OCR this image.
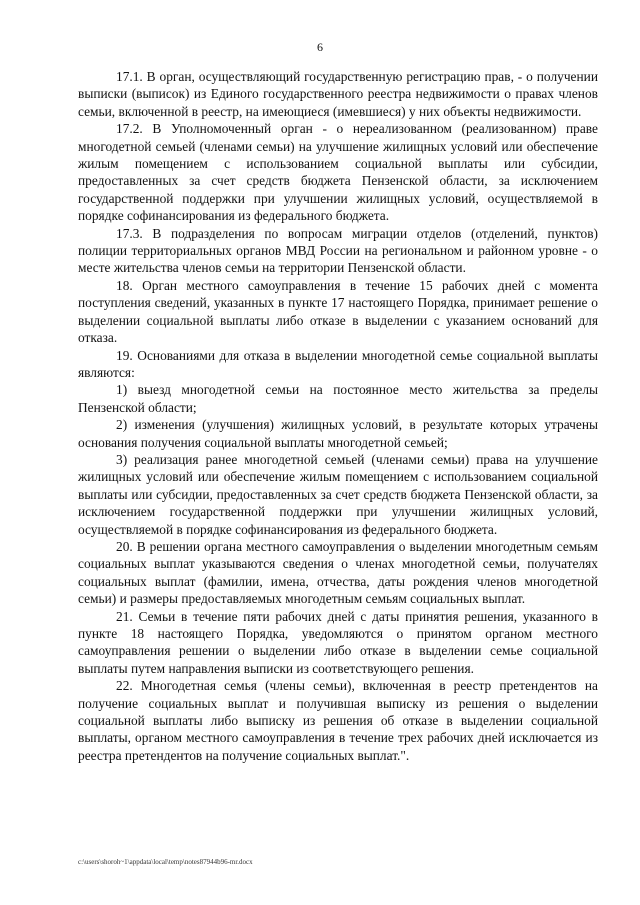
6

17.1. В орган, осуществляющий государственную регистрацию прав, - о получении выписки (выписок) из Единого государственного реестра недвижимости о правах членов семьи, включенной в реестр, на имеющиеся (имевшиеся) у них объекты недвижимости.

17.2. В Уполномоченный орган - о нереализованном (реализованном) праве многодетной семьей (членами семьи) на улучшение жилищных условий или обеспечение жилым помещением с использованием социальной выплаты или субсидии, предоставленных за счет средств бюджета Пензенской области, за исключением государственной поддержки при улучшении жилищных условий, осуществляемой в порядке софинансирования из федерального бюджета.

17.3. В подразделения по вопросам миграции отделов (отделений, пунктов) полиции территориальных органов МВД России на региональном и районном уровне - о месте жительства членов семьи на территории Пензенской области.

18. Орган местного самоуправления в течение 15 рабочих дней с момента поступления сведений, указанных в пункте 17 настоящего Порядка, принимает решение о выделении социальной выплаты либо отказе в выделении с указанием оснований для отказа.

19. Основаниями для отказа в выделении многодетной семье социальной выплаты являются:

1) выезд многодетной семьи на постоянное место жительства за пределы Пензенской области;

2) изменения (улучшения) жилищных условий, в результате которых утрачены основания получения социальной выплаты многодетной семьей;

3) реализация ранее многодетной семьей (членами семьи) права на улучшение жилищных условий или обеспечение жилым помещением с использованием социальной выплаты или субсидии, предоставленных за счет средств бюджета Пензенской области, за исключением государственной поддержки при улучшении жилищных условий, осуществляемой в порядке софинансирования из федерального бюджета.

20. В решении органа местного самоуправления о выделении многодетным семьям социальных выплат указываются сведения о членах многодетной семьи, получателях социальных выплат (фамилии, имена, отчества, даты рождения членов многодетной семьи) и размеры предоставляемых многодетным семьям социальных выплат.

21. Семьи в течение пяти рабочих дней с даты принятия решения, указанного в пункте 18 настоящего Порядка, уведомляются о принятом органом местного самоуправления решении о выделении либо отказе в выделении семье социальной выплаты путем направления выписки из соответствующего решения.

22. Многодетная семья (члены семьи), включенная в реестр претендентов на получение социальных выплат и получившая выписку из решения о выделении социальной выплаты либо выписку из решения об отказе в выделении социальной выплаты, органом местного самоуправления в течение трех рабочих дней исключается из реестра претендентов на получение социальных выплат.".

c:\users\shoroh~1\appdata\local\temp\notes87944b96-mr.docx
